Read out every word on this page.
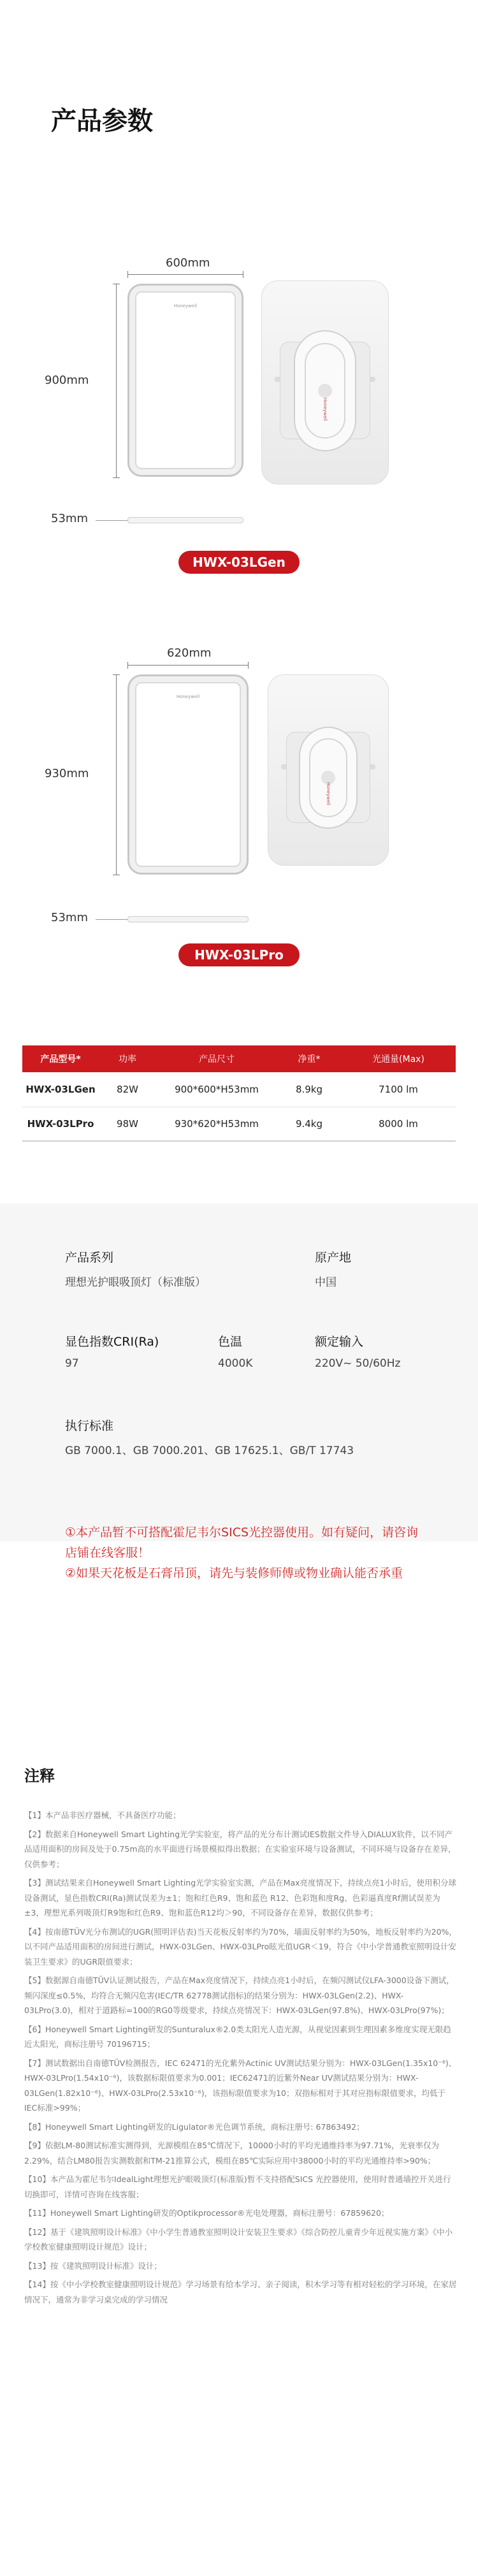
产品参数
600mm
900mm
Honeywell
Honeywell
53mm
HWX-03LGen
620mm
930mm
Honeywell
Honeywell
53mm
HWX-03LPro
产品型号*	功率	产品尺寸	净重*	光通量(Max)
HWX-03LGen	82W	900*600*H53mm	8.9kg	7100 lm
HWX-03LPro	98W	930*620*H53mm	9.4kg	8000 lm
产品系列
理想光护眼吸顶灯（标准版）
原产地
中国
显色指数CRI(Ra)
97
色温
4000K
额定输入
220V~ 50/60Hz
执行标准
GB 7000.1、GB 7000.201、GB 17625.1、GB/T 17743
①本产品暂不可搭配霍尼韦尔SICS光控器使用。如有疑问，请咨询店铺在线客服！
②如果天花板是石膏吊顶，请先与装修师傅或物业确认能否承重
注释
【1】本产品非医疗器械，不具备医疗功能；
【2】数据来自Honeywell Smart Lighting光学实验室，将产品的光分布计测试IES数据文件导入DIALUX软件，以不同产品适用面积的房间及处于0.75m高的水平面进行场景模拟得出数据；在实验室环境与设备测试，不同环境与设备存在差异，仅供参考；
【3】测试结果来自Honeywell Smart Lighting光学实验室实测，产品在Max亮度情况下，持续点亮1小时后，使用积分球设备测试，显色指数CRI(Ra)测试误差为±1；饱和红色R9、饱和蓝色 R12、色彩饱和度Rg、色彩逼真度Rf测试误差为±3，理想光系列吸顶灯R9饱和红色R9、饱和蓝色R12均＞90，不同设备存在差异，数据仅供参考；
【4】按南德TÜV光分布测试的UGR(照明评估表)当天花板反射率约为70%，墙面反射率约为50%，地板反射率约为20%，以不同产品适用面积的房间进行测试，HWX-03LGen、HWX-03LPro眩光值UGR＜19，符合《中小学普通教室照明设计安装卫生要求》的UGR限值要求；
【5】数据源自南德TÜV认证测试报告，产品在Max亮度情况下，持续点亮1小时后，在频闪测试仪LFA-3000设备下测试，频闪深度≤0.5%，均符合无频闪危害(IEC/TR 62778测试指标)的结果分别为：HWX-03LGen(2.2)、HWX-03LPro(3.0)，相对于道路标=100的RG0等级要求，持续点亮情况下：HWX-03LGen(97.8%)、HWX-03LPro(97%)；
【6】Honeywell Smart Lighting研发的Sunturalux®2.0类太阳光人造光源，从视觉因素到生理因素多维度实现无限趋近太阳光，商标注册号 70196715；
【7】测试数据出自南德TÜV检测报告，IEC 62471的光化紫外Actinic UV测试结果分别为：HWX-03LGen(1.35x10⁻⁶)、HWX-03LPro(1.54x10⁻⁶)，该数据标限值要求为0.001；IEC62471的近紫外Near UV测试结果分别为：HWX-03LGen(1.82x10⁻⁶)、HWX-03LPro(2.53x10⁻⁶)，该指标限值要求为10；双指标相对于其对应指标限值要求，均低于IEC标准>99%；
【8】Honeywell Smart Lighting研发的Ligulator®光色调节系统，商标注册号: 67863492；
【9】依据LM-80测试标准实测得到，光源模组在85℃情况下，10000小时的平均光通维持率为97.71%，光衰率仅为2.29%，结合LM80报告实测数据和TM-21推算公式，模组在85℃实际应用中38000小时的平均光通维持率>90%；
【10】本产品为霍尼韦尔IdealLight理想光护眼吸顶灯(标准版)暂不支持搭配SICS 光控器使用，使用时普通墙控开关进行切换即可，详情可咨询在线客服；
【11】Honeywell Smart Lighting研发的Optikprocessor®光电处理器，商标注册号：67859620；
【12】基于《建筑照明设计标准》《中小学生普通教室照明设计安装卫生要求》《综合防控儿童青少年近视实施方案》《中小学校教室健康照明设计规范》设计；
【13】按《建筑照明设计标准》设计；
【14】按《中小学校教室健康照明设计规范》学习场景有给本学习、亲子阅读，积木学习等有相对轻松的学习环境，在家居情况下，通常为非学习桌完成的学习情况
